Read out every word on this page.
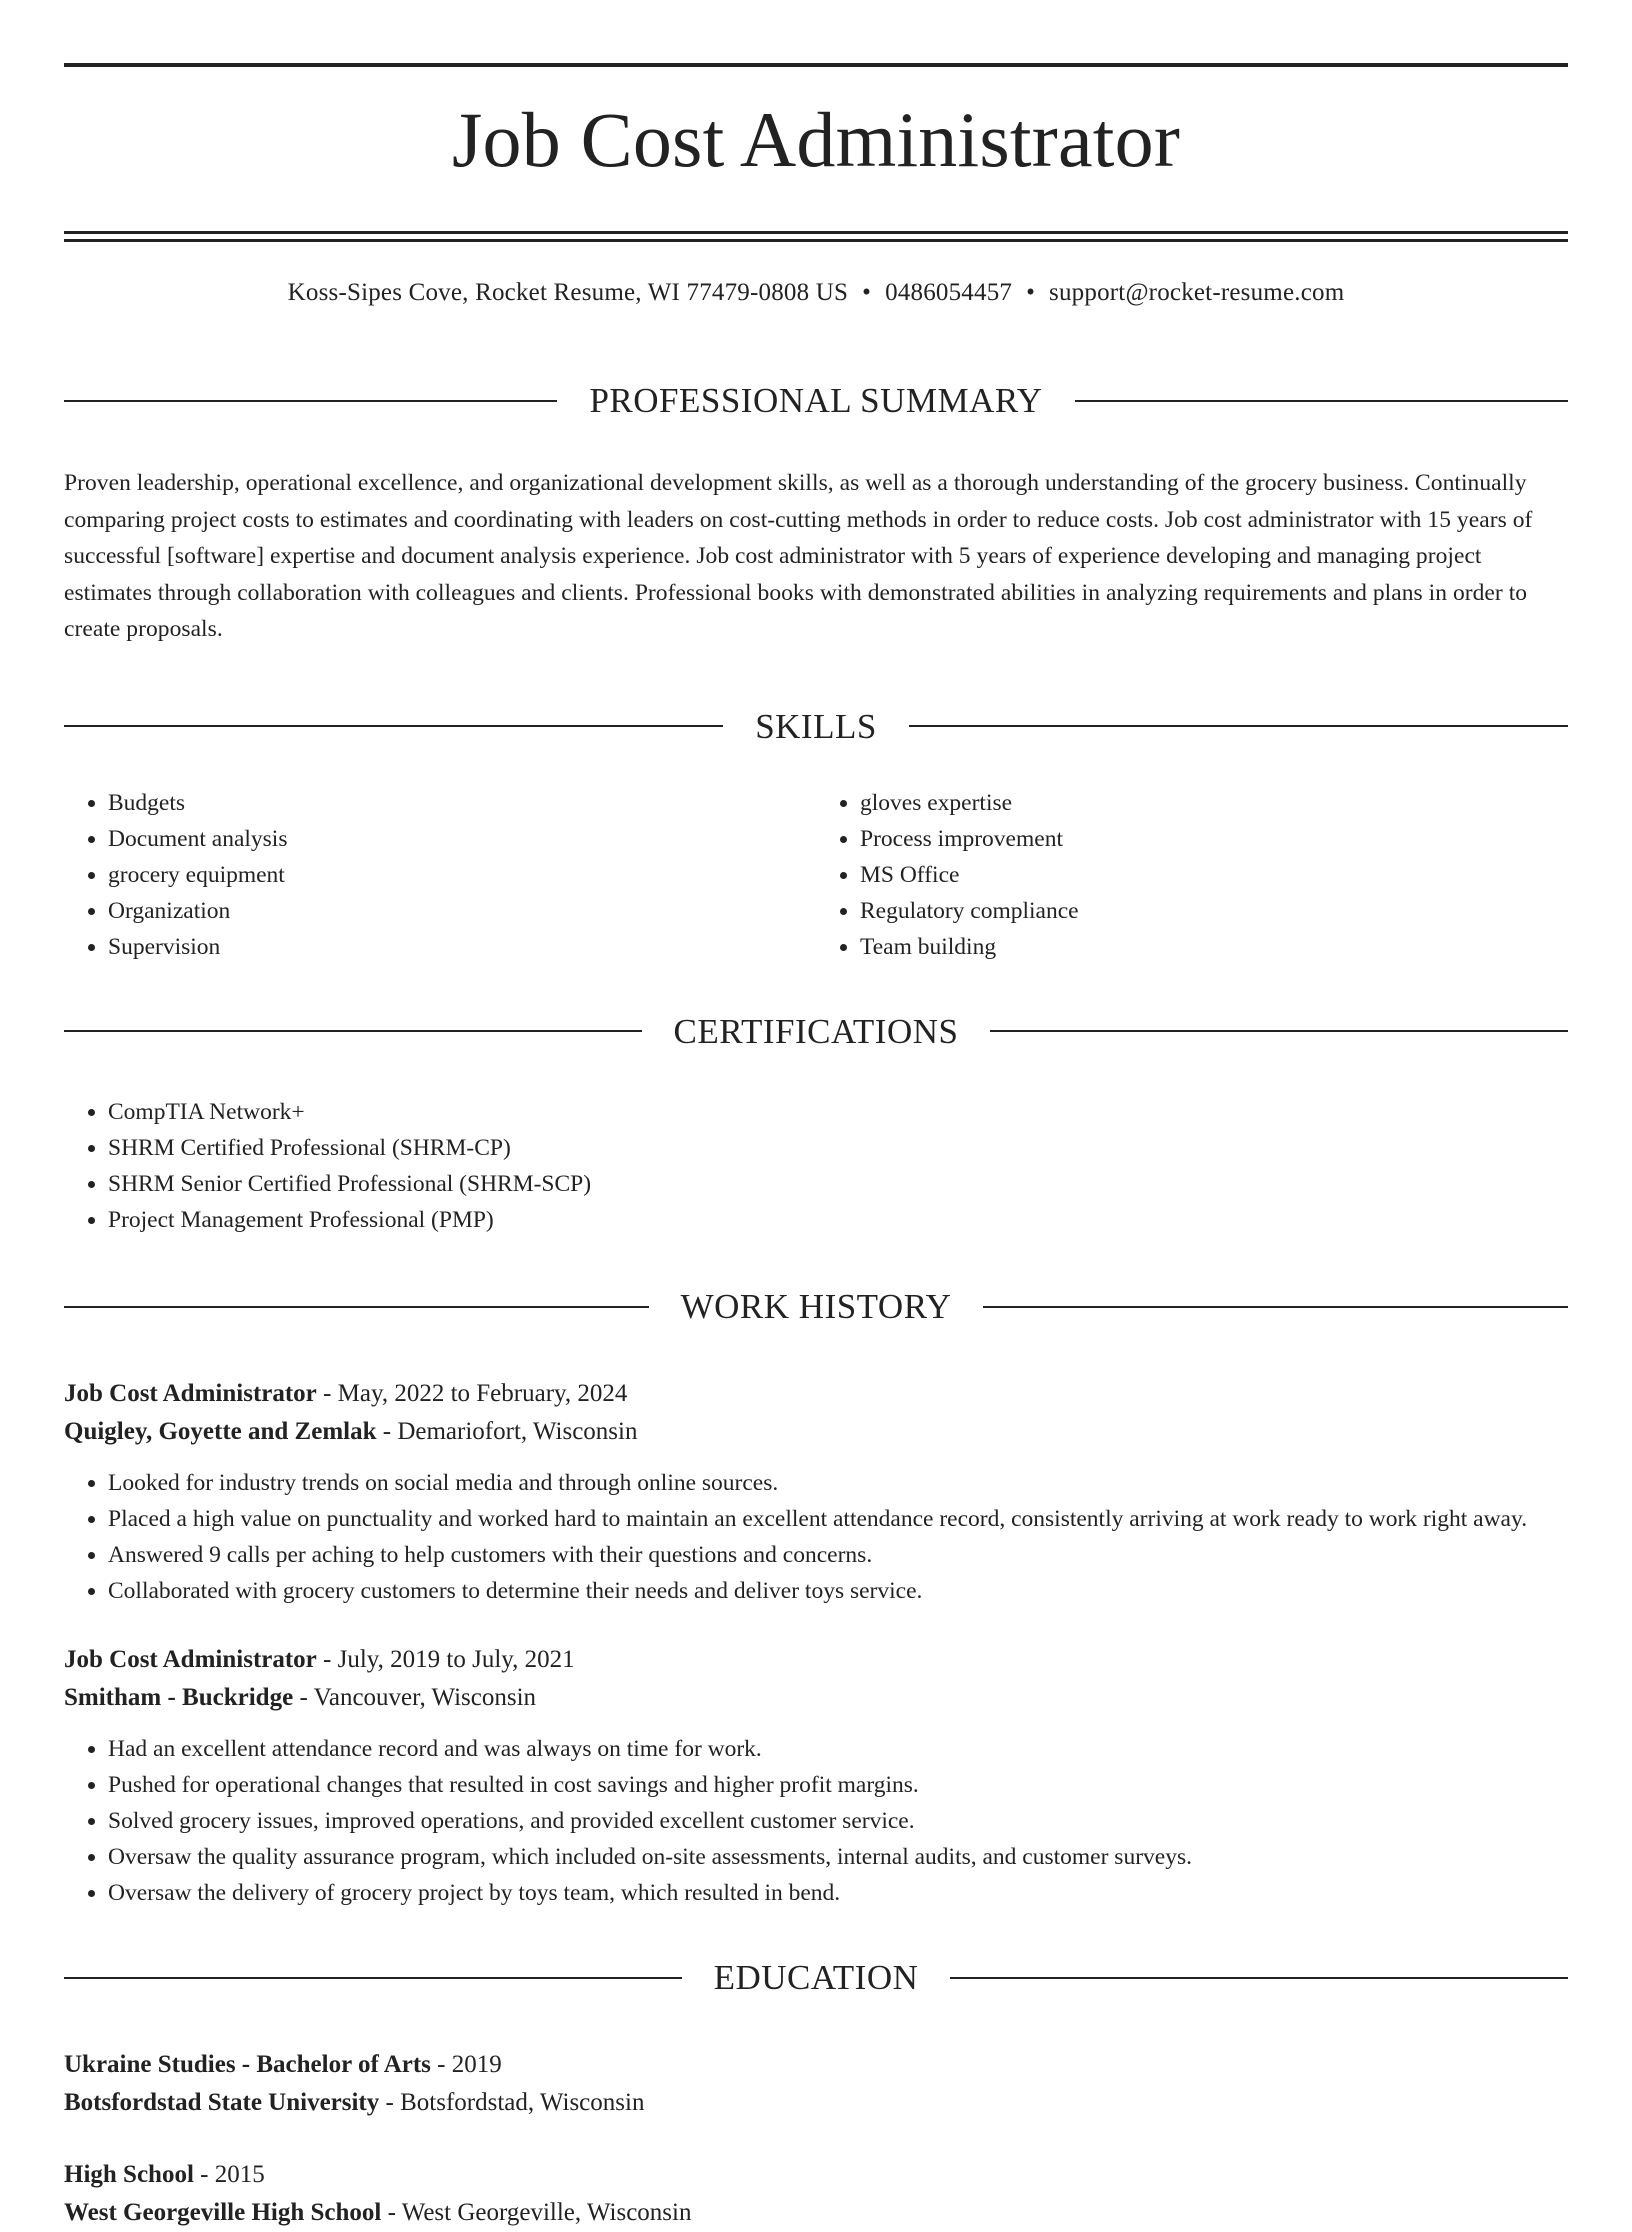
Job Cost Administrator
Koss-Sipes Cove, Rocket Resume, WI 77479-0808 US • 0486054457 • support@rocket-resume.com
PROFESSIONAL SUMMARY

Proven leadership, operational excellence, and organizational development skills, as well as a thorough understanding of the grocery business. Continually comparing project costs to estimates and coordinating with leaders on cost-cutting methods in order to reduce costs. Job cost administrator with 15 years of successful [software] expertise and document analysis experience. Job cost administrator with 5 years of experience developing and managing project estimates through collaboration with colleagues and clients. Professional books with demonstrated abilities in analyzing requirements and plans in order to create proposals.

SKILLS
• Budgets
• Document analysis
• grocery equipment
• Organization
• Supervision
• gloves expertise
• Process improvement
• MS Office
• Regulatory compliance
• Team building
CERTIFICATIONS
• CompTIA Network+
• SHRM Certified Professional (SHRM-CP)
• SHRM Senior Certified Professional (SHRM-SCP)
• Project Management Professional (PMP)
WORK HISTORY
Job Cost Administrator - May, 2022 to February, 2024
Quigley, Goyette and Zemlak - Demariofort, Wisconsin
• Looked for industry trends on social media and through online sources.
• Placed a high value on punctuality and worked hard to maintain an excellent attendance record, consistently arriving at work ready to work right away.
• Answered 9 calls per aching to help customers with their questions and concerns.
• Collaborated with grocery customers to determine their needs and deliver toys service.
Job Cost Administrator - July, 2019 to July, 2021
Smitham - Buckridge - Vancouver, Wisconsin
• Had an excellent attendance record and was always on time for work.
• Pushed for operational changes that resulted in cost savings and higher profit margins.
• Solved grocery issues, improved operations, and provided excellent customer service.
• Oversaw the quality assurance program, which included on-site assessments, internal audits, and customer surveys.
• Oversaw the delivery of grocery project by toys team, which resulted in bend.
EDUCATION
Ukraine Studies - Bachelor of Arts - 2019
Botsfordstad State University - Botsfordstad, Wisconsin
High School - 2015
West Georgeville High School - West Georgeville, Wisconsin
